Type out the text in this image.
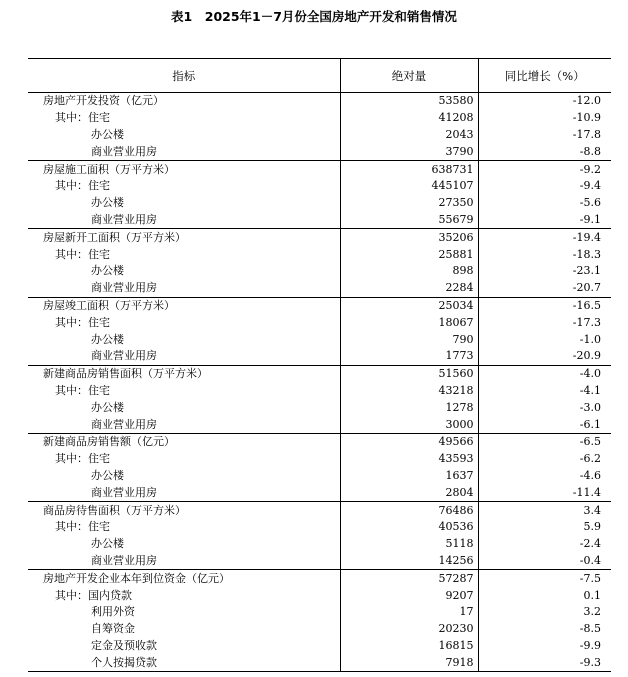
表1　2025年1－7月份全国房地产开发和销售情况
指标	绝对量	同比增长（%）
房地产开发投资（亿元）	53580	-12.0
其中：住宅	41208	-10.9
办公楼	2043	-17.8
商业营业用房	3790	-8.8
房屋施工面积（万平方米）	638731	-9.2
其中：住宅	445107	-9.4
办公楼	27350	-5.6
商业营业用房	55679	-9.1
房屋新开工面积（万平方米）	35206	-19.4
其中：住宅	25881	-18.3
办公楼	898	-23.1
商业营业用房	2284	-20.7
房屋竣工面积（万平方米）	25034	-16.5
其中：住宅	18067	-17.3
办公楼	790	-1.0
商业营业用房	1773	-20.9
新建商品房销售面积（万平方米）	51560	-4.0
其中：住宅	43218	-4.1
办公楼	1278	-3.0
商业营业用房	3000	-6.1
新建商品房销售额（亿元）	49566	-6.5
其中：住宅	43593	-6.2
办公楼	1637	-4.6
商业营业用房	2804	-11.4
商品房待售面积（万平方米）	76486	3.4
其中：住宅	40536	5.9
办公楼	5118	-2.4
商业营业用房	14256	-0.4
房地产开发企业本年到位资金（亿元）	57287	-7.5
其中：国内贷款	9207	0.1
利用外资	17	3.2
自筹资金	20230	-8.5
定金及预收款	16815	-9.9
个人按揭贷款	7918	-9.3
